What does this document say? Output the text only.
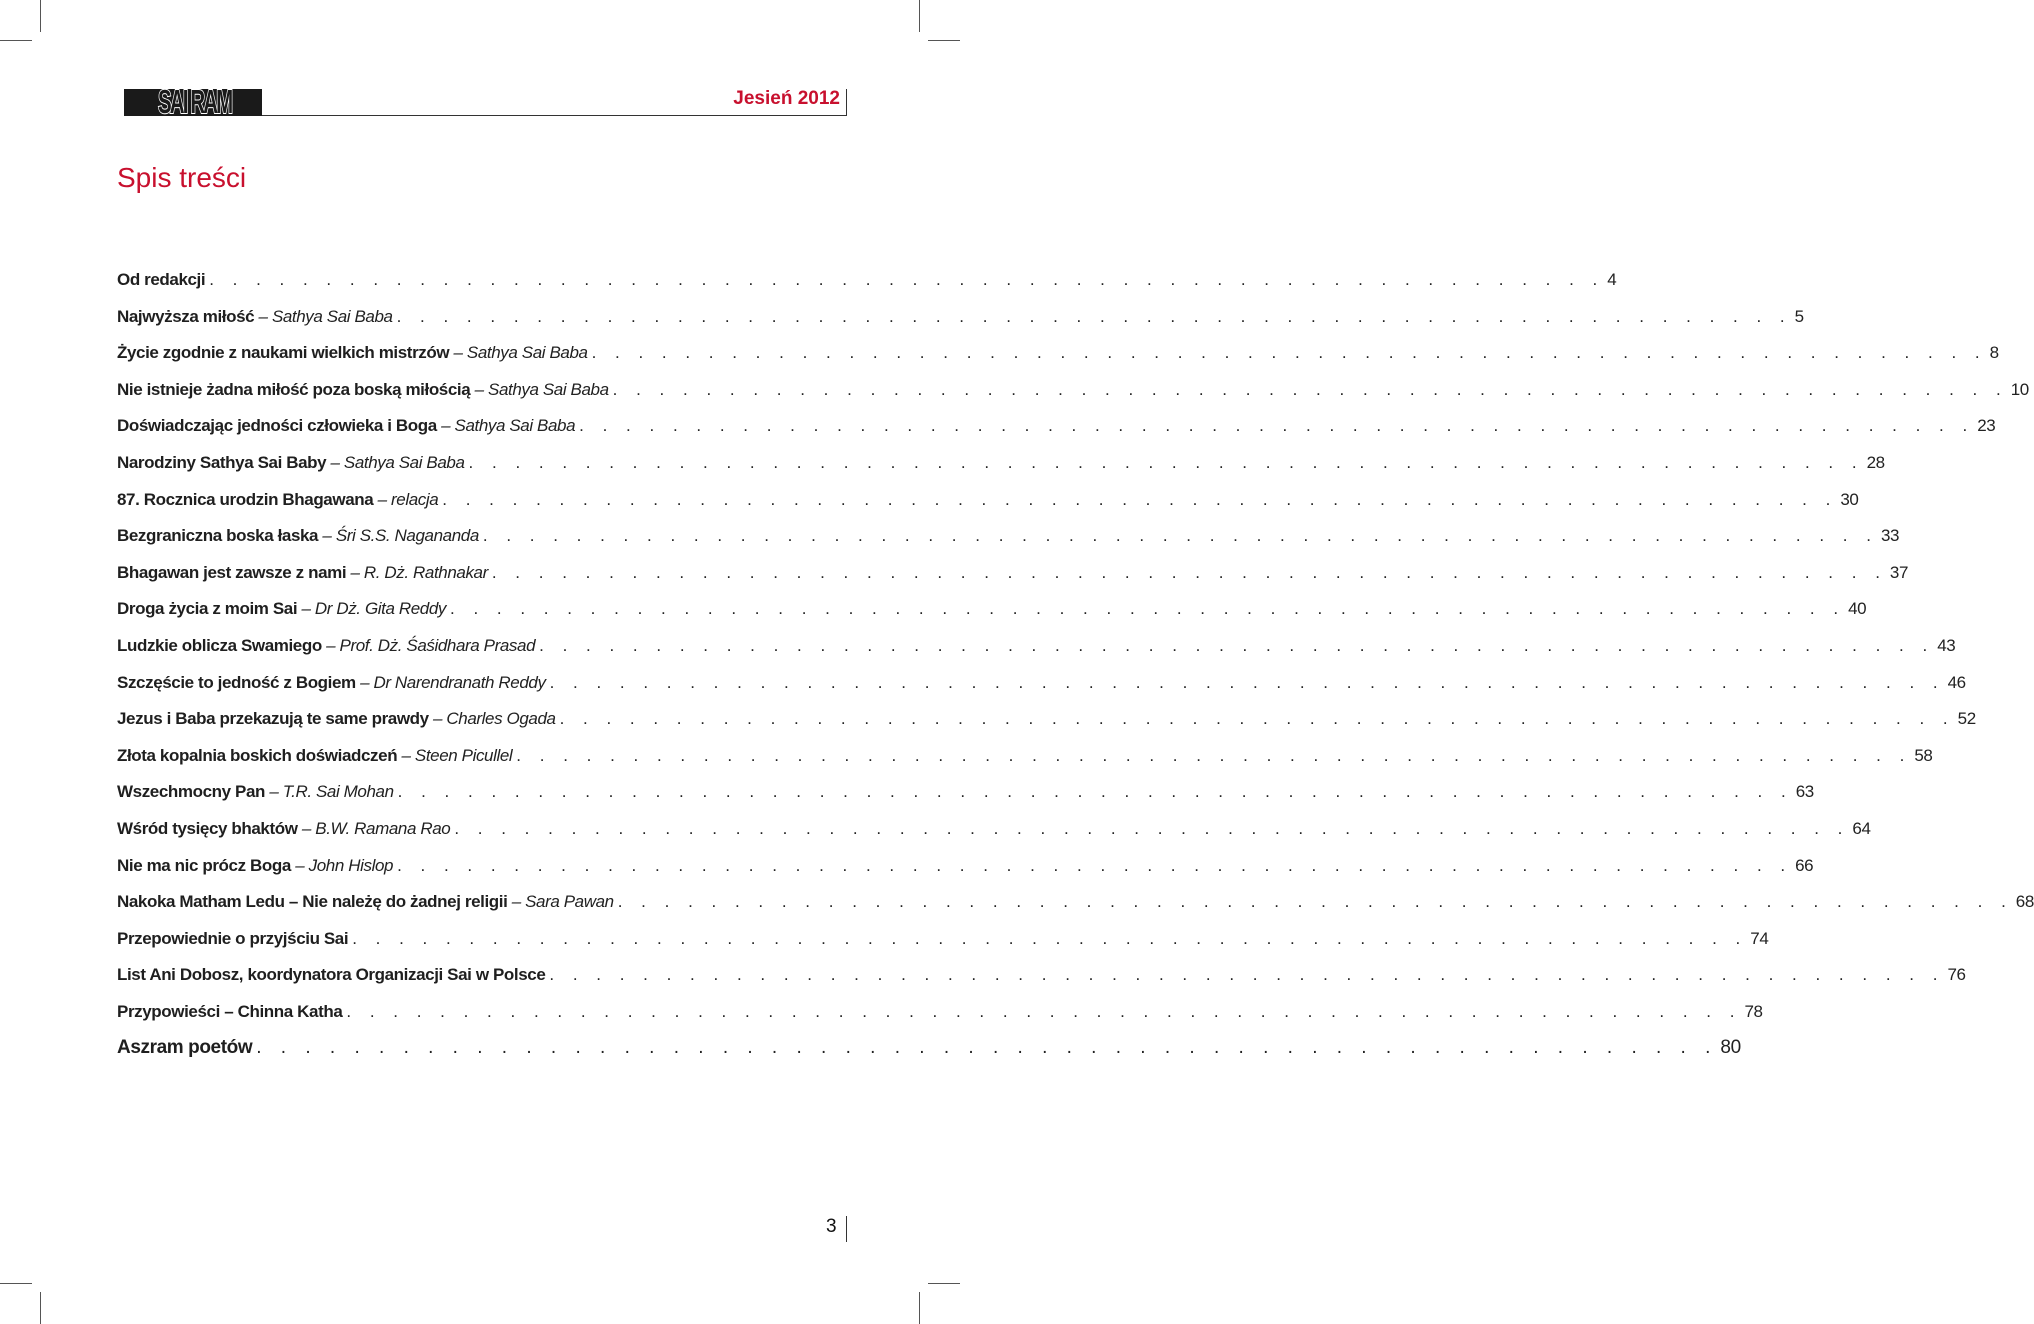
SAI RAM	Jesień 2012
Spis treści
Od redakcji . . . . . . . . . . . . . . . . . . . . . . . . . . . . . . . . . . . . . . . . . . . . . . . . . . . . . . . . . . . . 4
Najwyższa miłość – Sathya Sai Baba . . . . . . . . . . . . . . . . . . . . . . . . . . . . . . . . . . . . . . . . . . . . . . . . . . . . . . . . . . . . 5
Życie zgodnie z naukami wielkich mistrzów – Sathya Sai Baba . . . . . . . . . . . . . . . . . . . . . . . . . . . . . . . . . . . . . . . . . . . . . . . . . . . . . . . . . . . . 8
Nie istnieje żadna miłość poza boską miłością – Sathya Sai Baba . . . . . . . . . . . . . . . . . . . . . . . . . . . . . . . . . . . . . . . . . . . . . . . . . . . . . . . . . . . . 10
Doświadczając jedności człowieka i Boga – Sathya Sai Baba . . . . . . . . . . . . . . . . . . . . . . . . . . . . . . . . . . . . . . . . . . . . . . . . . . . . . . . . . . . . 23
Narodziny Sathya Sai Baby – Sathya Sai Baba . . . . . . . . . . . . . . . . . . . . . . . . . . . . . . . . . . . . . . . . . . . . . . . . . . . . . . . . . . . . 28
87. Rocznica urodzin Bhagawana – relacja . . . . . . . . . . . . . . . . . . . . . . . . . . . . . . . . . . . . . . . . . . . . . . . . . . . . . . . . . . . . 30
Bezgraniczna boska łaska – Śri S.S. Naganandа . . . . . . . . . . . . . . . . . . . . . . . . . . . . . . . . . . . . . . . . . . . . . . . . . . . . . . . . . . . . 33
Bhagawan jest zawsze z nami – R. Dż. Rathnakar . . . . . . . . . . . . . . . . . . . . . . . . . . . . . . . . . . . . . . . . . . . . . . . . . . . . . . . . . . . . 37
Droga życia z moim Sai – Dr Dż. Gita Reddy . . . . . . . . . . . . . . . . . . . . . . . . . . . . . . . . . . . . . . . . . . . . . . . . . . . . . . . . . . . . 40
Ludzkie oblicza Swamiego – Prof. Dż. Śaśidhara Prasad . . . . . . . . . . . . . . . . . . . . . . . . . . . . . . . . . . . . . . . . . . . . . . . . . . . . . . . . . . . . 43
Szczęście to jedność z Bogiem – Dr Narendranath Reddy . . . . . . . . . . . . . . . . . . . . . . . . . . . . . . . . . . . . . . . . . . . . . . . . . . . . . . . . . . . . 46
Jezus i Baba przekazują te same prawdy – Charles Ogada . . . . . . . . . . . . . . . . . . . . . . . . . . . . . . . . . . . . . . . . . . . . . . . . . . . . . . . . . . . . 52
Złota kopalnia boskich doświadczeń – Steen Picullel . . . . . . . . . . . . . . . . . . . . . . . . . . . . . . . . . . . . . . . . . . . . . . . . . . . . . . . . . . . . 58
Wszechmocny Pan – T.R. Sai Mohan . . . . . . . . . . . . . . . . . . . . . . . . . . . . . . . . . . . . . . . . . . . . . . . . . . . . . . . . . . . . 63
Wśród tysięcy bhaktów – B.W. Ramana Rao . . . . . . . . . . . . . . . . . . . . . . . . . . . . . . . . . . . . . . . . . . . . . . . . . . . . . . . . . . . . 64
Nie ma nic prócz Boga – John Hislop . . . . . . . . . . . . . . . . . . . . . . . . . . . . . . . . . . . . . . . . . . . . . . . . . . . . . . . . . . . . 66
Nakoka Matham Ledu – Nie należę do żadnej religii – Sara Pawan . . . . . . . . . . . . . . . . . . . . . . . . . . . . . . . . . . . . . . . . . . . . . . . . . . . . . . . . . . . . 68
Przepowiednie o przyjściu Sai . . . . . . . . . . . . . . . . . . . . . . . . . . . . . . . . . . . . . . . . . . . . . . . . . . . . . . . . . . . . 74
List Ani Dobosz, koordynatora Organizacji Sai w Polsce . . . . . . . . . . . . . . . . . . . . . . . . . . . . . . . . . . . . . . . . . . . . . . . . . . . . . . . . . . . . 76
Przypowieści – Chinna Katha . . . . . . . . . . . . . . . . . . . . . . . . . . . . . . . . . . . . . . . . . . . . . . . . . . . . . . . . . . . . 78
Aszram poetów . . . . . . . . . . . . . . . . . . . . . . . . . . . . . . . . . . . . . . . . . . . . . . . . . . . . . . . . . . . . 80
3
